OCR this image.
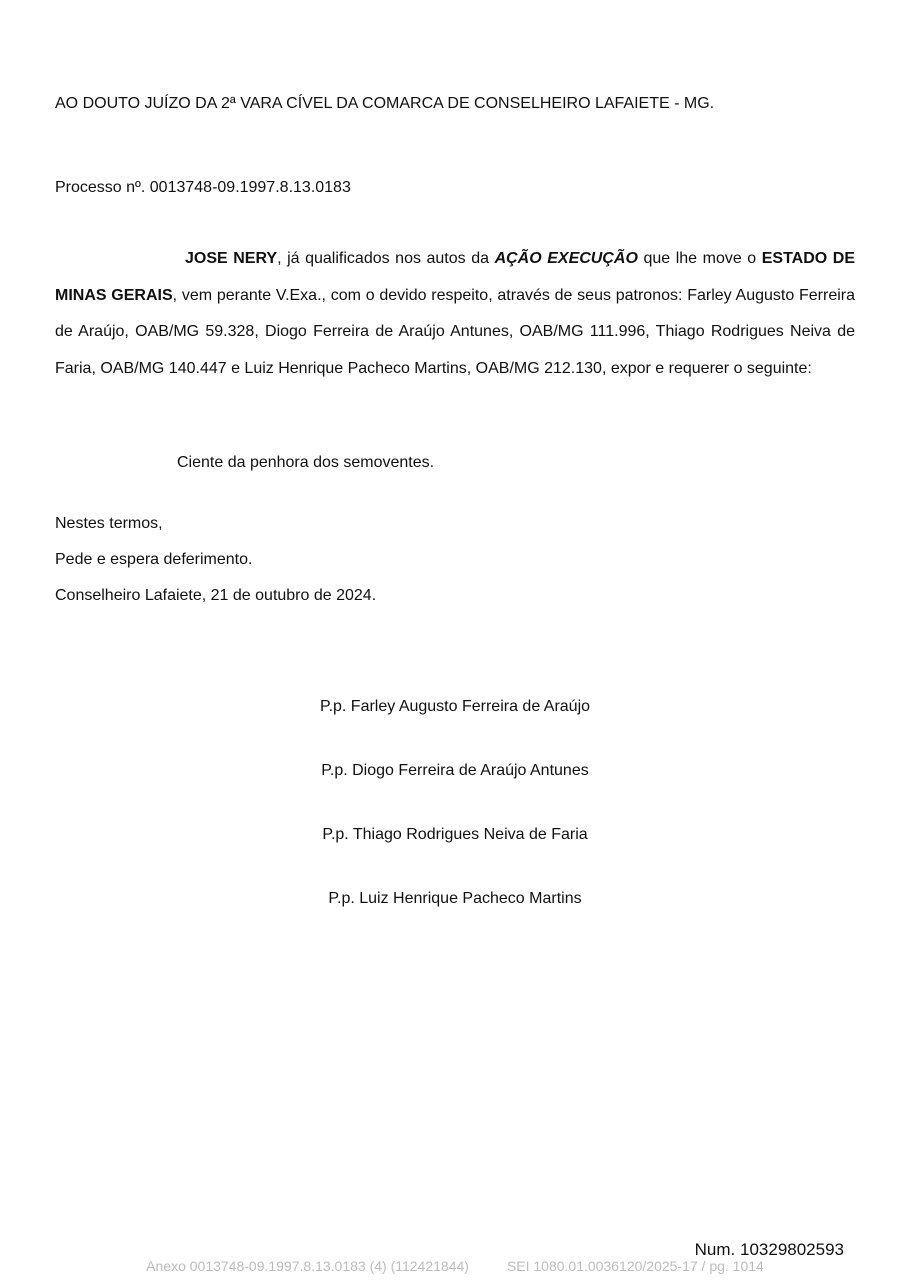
AO DOUTO JUÍZO DA 2ª VARA CÍVEL DA COMARCA DE CONSELHEIRO LAFAIETE - MG.
Processo nº. 0013748-09.1997.8.13.0183
JOSE NERY, já qualificados nos autos da AÇÃO EXECUÇÃO que lhe move o ESTADO DE MINAS GERAIS, vem perante V.Exa., com o devido respeito, através de seus patronos: Farley Augusto Ferreira de Araújo, OAB/MG 59.328, Diogo Ferreira de Araújo Antunes, OAB/MG 111.996, Thiago Rodrigues Neiva de Faria, OAB/MG 140.447 e Luiz Henrique Pacheco Martins, OAB/MG 212.130, expor e requerer o seguinte:
Ciente da penhora dos semoventes.
Nestes termos,
Pede e espera deferimento.
Conselheiro Lafaiete, 21 de outubro de 2024.
P.p. Farley Augusto Ferreira de Araújo
P.p. Diogo Ferreira de Araújo Antunes
P.p. Thiago Rodrigues Neiva de Faria
P.p. Luiz Henrique Pacheco Martins
Num. 10329802593
Anexo 0013748-09.1997.8.13.0183 (4) (112421844)	SEI 1080.01.0036120/2025-17 / pg. 1014
